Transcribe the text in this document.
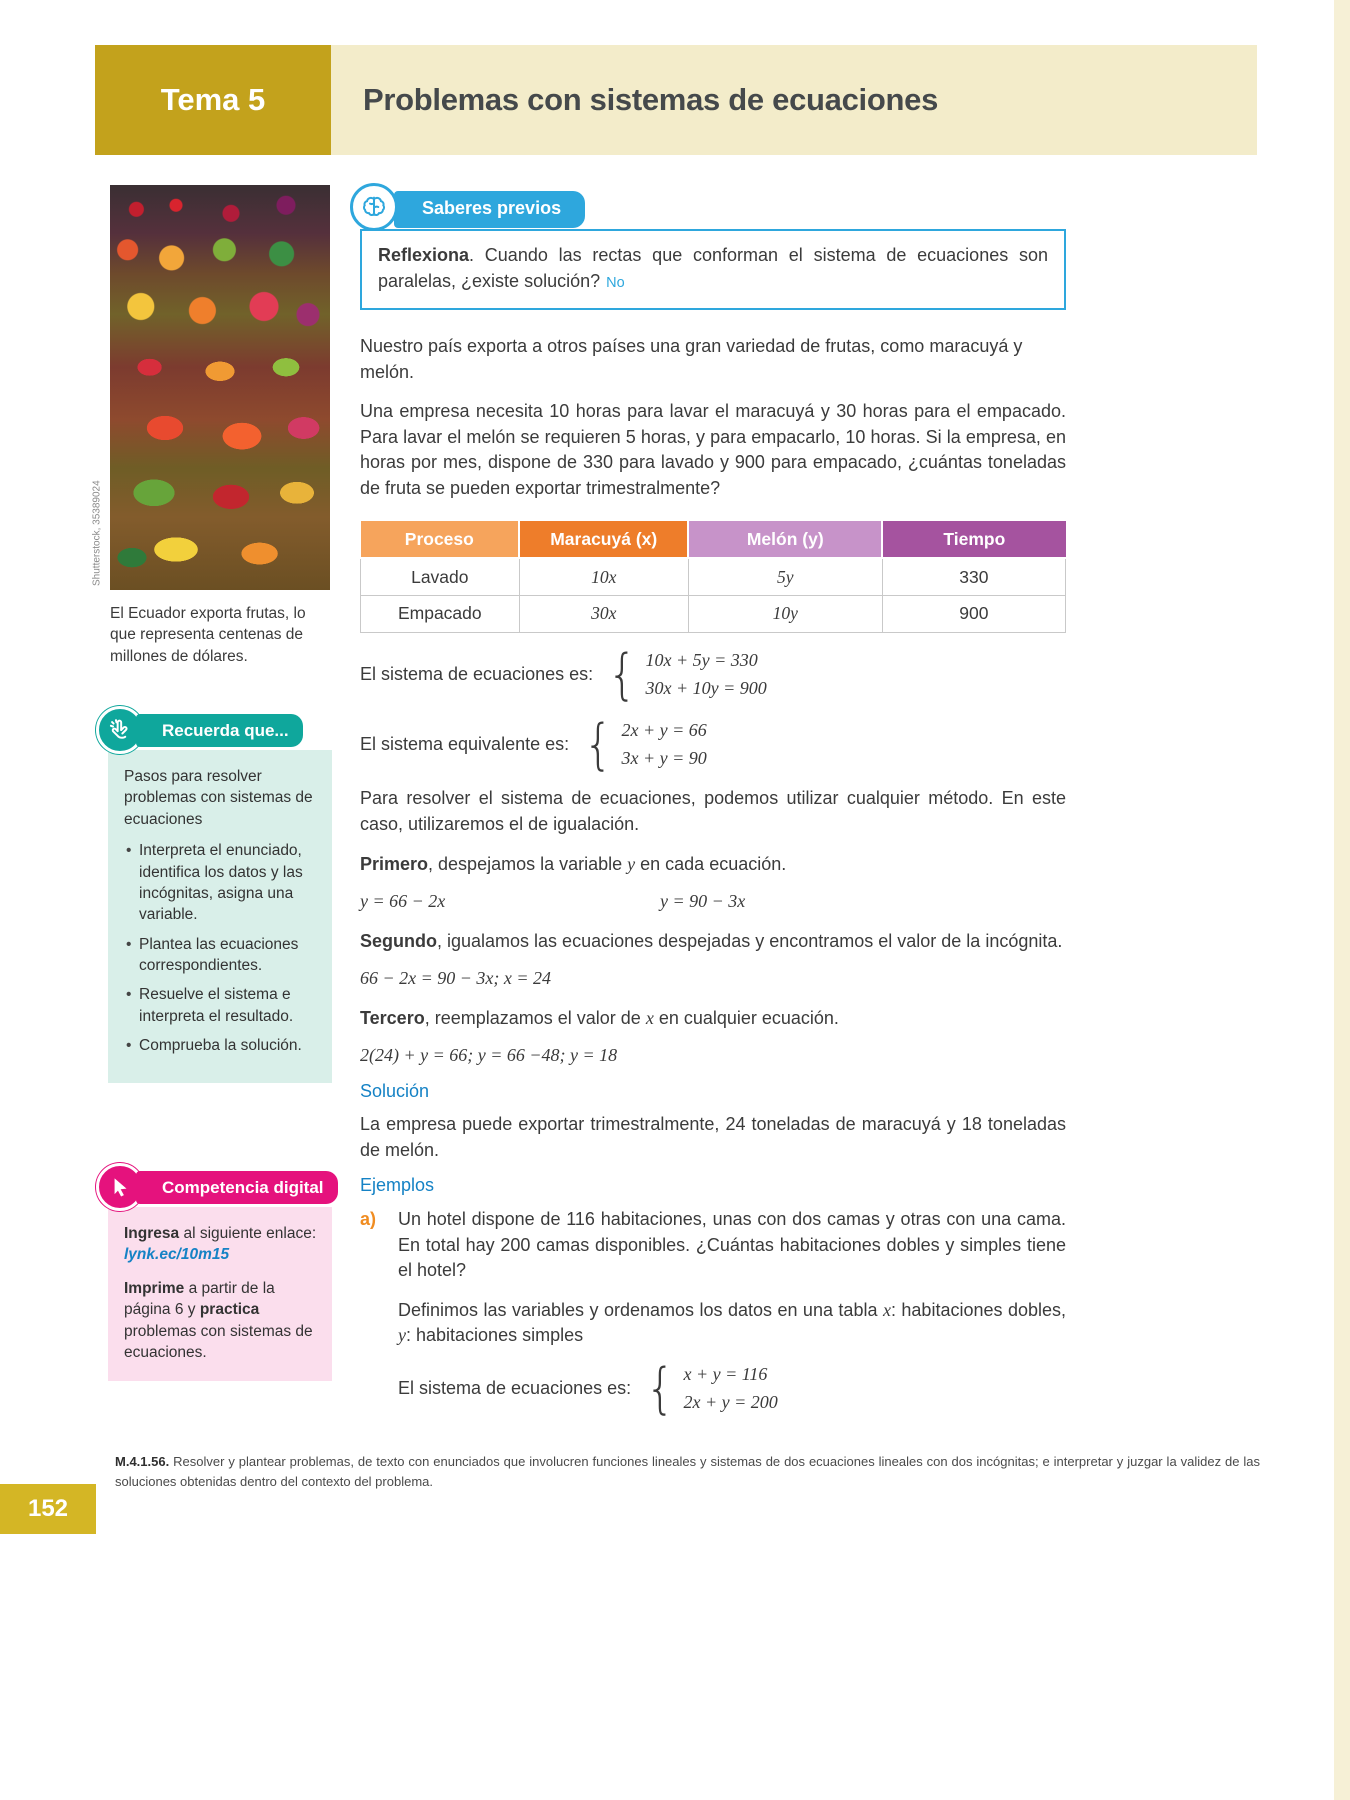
Tema 5	Problemas con sistemas de ecuaciones
Shutterstock, 35389024

El Ecuador exporta frutas, lo que representa centenas de millones de dólares.

Recuerda que...

Pasos para resolver problemas con sistemas de ecuaciones

• Interpreta el enunciado, identifica los datos y las incógnitas, asigna una variable.
• Plantea las ecuaciones correspondientes.
• Resuelve el sistema e interpreta el resultado.
• Comprueba la solución.
Competencia digital

Ingresa al siguiente enlace:
lynk.ec/10m15

Imprime a partir de la página 6 y practica problemas con sistemas de ecuaciones.

Saberes previos

Reflexiona. Cuando las rectas que conforman el sistema de ecuaciones son paralelas, ¿existe solución? No

Nuestro país exporta a otros países una gran variedad de frutas, como maracuyá y melón.

Una empresa necesita 10 horas para lavar el maracuyá y 30 horas para el empacado. Para lavar el melón se requieren 5 horas, y para empacarlo, 10 horas. Si la empresa, en horas por mes, dispone de 330 para lavado y 900 para empacado, ¿cuántas toneladas de fruta se pueden exportar trimestralmente?

Proceso	Maracuyá (x)	Melón (y)	Tiempo
Lavado	10x	5y	330
Empacado	30x	10y	900
El sistema de ecuaciones es:
{
10x + 5y = 330
30x + 10y = 900
El sistema equivalente es:
{
2x + y = 66
3x + y = 90

Para resolver el sistema de ecuaciones, podemos utilizar cualquier método. En este caso, utilizaremos el de igualación.

Primero, despejamos la variable y en cada ecuación.

y = 66 − 2x	y = 90 − 3x

Segundo, igualamos las ecuaciones despejadas y encontramos el valor de la incógnita.

66 − 2x = 90 − 3x; x = 24

Tercero, reemplazamos el valor de x en cualquier ecuación.

2(24) + y = 66; y = 66 −48; y = 18

Solución

La empresa puede exportar trimestralmente, 24 toneladas de maracuyá y 18 toneladas de melón.

Ejemplos

a)	Un hotel dispone de 116 habitaciones, unas con dos camas y otras con una cama. En total hay 200 camas disponibles. ¿Cuántas habitaciones dobles y simples tiene el hotel?

Definimos las variables y ordenamos los datos en una tabla x: habitaciones dobles, y: habitaciones simples

El sistema de ecuaciones es:
{
x + y = 116
2x + y = 200

M.4.1.56. Resolver y plantear problemas, de texto con enunciados que involucren funciones lineales y sistemas de dos ecuaciones lineales con dos incógnitas; e interpretar y juzgar la validez de las soluciones obtenidas dentro del contexto del problema.

152
